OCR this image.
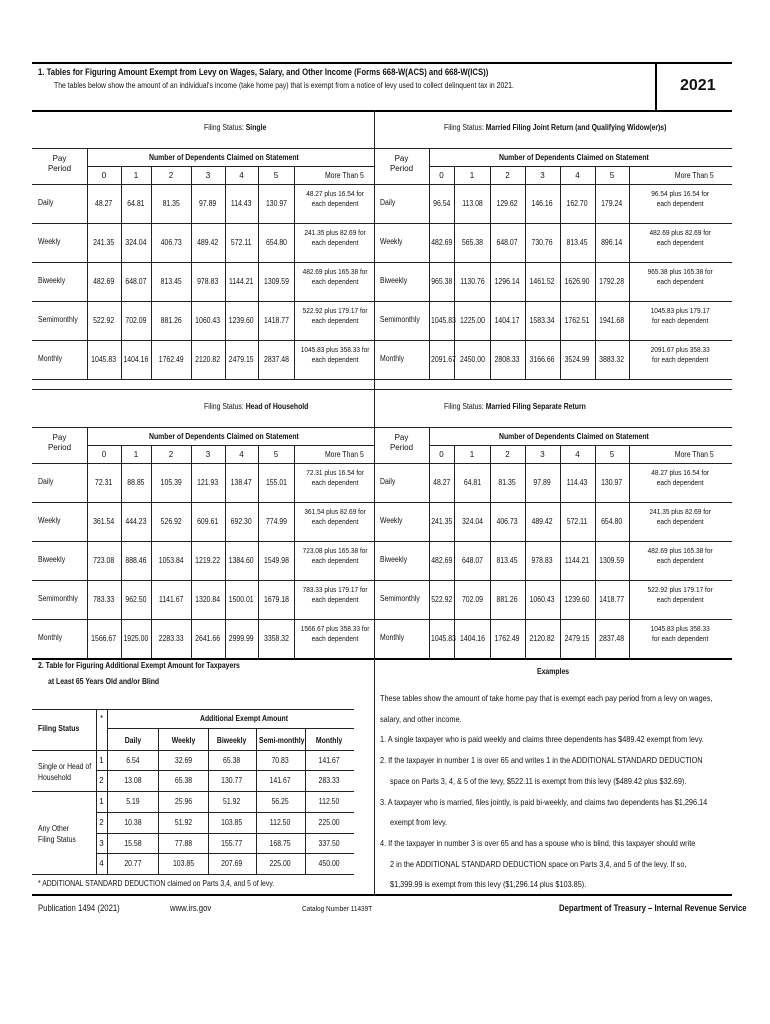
1. Tables for Figuring Amount Exempt from Levy on Wages, Salary, and Other Income (Forms 668-W(ACS) and 668-W(ICS))
The tables below show the amount of an individual's income (take home pay) that is exempt from a notice of levy used to collect delinquent tax in 2021.	2021
Filing Status: Single
Pay
Period
Number of Dependents Claimed on Statement
0	1	2	3	4	5	More Than 5
Daily	48.27	64.81	81.35	97.89	114.43	130.97
48.27 plus 16.54 for
each dependent
Weekly	241.35	324.04	406.73	489.42	572.11	654.80
241.35 plus 82.69 for
each dependent
Biweekly	482.69	648.07	813.45	978.83	1144.21	1309.59
482.69 plus 165.38 for
each dependent
Semimonthly	522.92	702.09	881.26	1060.43 1239.60	1418.77
522.92 plus 179.17 for
each dependent
Monthly	1045.83 1404.16	1762.49	2120.82 2479.15	2837.48
1045.83 plus 358.33 for
each dependent
Filing Status: Married Filing Joint Return (and Qualifying Widow(er)s)
Pay
Period
Number of Dependents Claimed on Statement
0	1	2	3	4	5	More Than 5
Daily	96.54	113.08	129.62	146.16	162.70	179.24
96.54 plus 16.54 for
each dependent
Weekly	482.69	565.38	648.07	730.76	813.45	896.14
482.69 plus 82.69 for
each dependent
Biweekly	965.38 1130.76	1296.14	1461.52	1626.90	1792.28
965.38 plus 165.38 for
each dependent
Semimonthly 1045.83 1225.00	1404.17	1583.34	1762.51	1941.68
1045.83 plus 179.17
for each dependent
Monthly	2091.67 2450.00	2808.33	3166.66	3524.99	3883.32
2091.67 plus 358.33
for each dependent
Filing Status: Head of Household
Pay
Period
Number of Dependents Claimed on Statement
0	1	2	3	4	5	More Than 5
Daily	72.31	88.85	105.39	121.93	138.47	155.01
72.31 plus 16.54 for
each dependent
Weekly	361.54	444.23	526.92	609.61	692.30	774.99
361.54 plus 82.69 for
each dependent
Biweekly	723.08	888.46	1053.84	1219.22 1384.60	1549.98
723.08 plus 165.38 for
each dependent
Semimonthly	783.33	962.50	1141.67	1320.84 1500.01	1679.18
783.33 plus 179.17 for
each dependent
Monthly	1566.67 1925.00	2283.33	2641.66 2999.99	3358.32
1566.67 plus 358.33 for
each dependent
Filing Status: Married Filing Separate Return
Pay
Period
Number of Dependents Claimed on Statement
0	1	2	3	4	5	More Than 5
Daily	48.27	64.81	81.35	97.89	114.43	130.97
48.27 plus 16.54 for
each dependent
Weekly	241.35	324.04	406.73	489.42	572.11	654.80
241.35 plus 82.69 for
each dependent
Biweekly	482.69	648.07	813.45	978.83	1144.21	1309.59
482.69 plus 165.38 for
each dependent
Semimonthly 522.92	702.09	881.26	1060.43	1239.60	1418.77
522.92 plus 179.17 for
each dependent
Monthly	1045.83 1404.16	1762.49	2120.82	2479.15	2837.48
1045.83 plus 358.33
for each dependent
2. Table for Figuring Additional Exempt Amount for Taxpayers
at Least 65 Years Old and/or Blind
Filing Status
*	Additional Exempt Amount
Daily	Weekly	Biweekly	Semi-monthly	Monthly
Single or Head of
Household
1	6.54	32.69	65.38	70.83	141.67
2	13.08	65.38	130.77	141.67	283.33
Any Other
Filing Status
1	5.19	25.96	51.92	56.25	112.50
2	10.38	51.92	103.85	112.50	225.00
3	15.58	77.88	155.77	168.75	337.50
4	20.77	103.85	207.69	225.00	450.00
* ADDITIONAL STANDARD DEDUCTION claimed on Parts 3,4, and 5 of levy.
Examples
These tables show the amount of take home pay that is exempt each pay period from a levy on wages,
salary, and other income.
1. A single taxpayer who is paid weekly and claims three dependents has $489.42 exempt from levy.
2. If the taxpayer in number 1 is over 65 and writes 1 in the ADDITIONAL STANDARD DEDUCTION
space on Parts 3, 4, & 5 of the levy, $522.11 is exempt from this levy ($489.42 plus $32.69).
3. A taxpayer who is married, files jointly, is paid bi-weekly, and claims two dependents has $1,296.14
exempt from levy.
4. If the taxpayer in number 3 is over 65 and has a spouse who is blind, this taxpayer should write
2 in the ADDITIONAL STANDARD DEDUCTION space on Parts 3,4, and 5 of the levy. If so,
$1,399.99 is exempt from this levy ($1,296.14 plus $103.85).
Publication 1494 (2021)	www.irs.gov	Catalog Number 11439T	Department of Treasury – Internal Revenue Service
